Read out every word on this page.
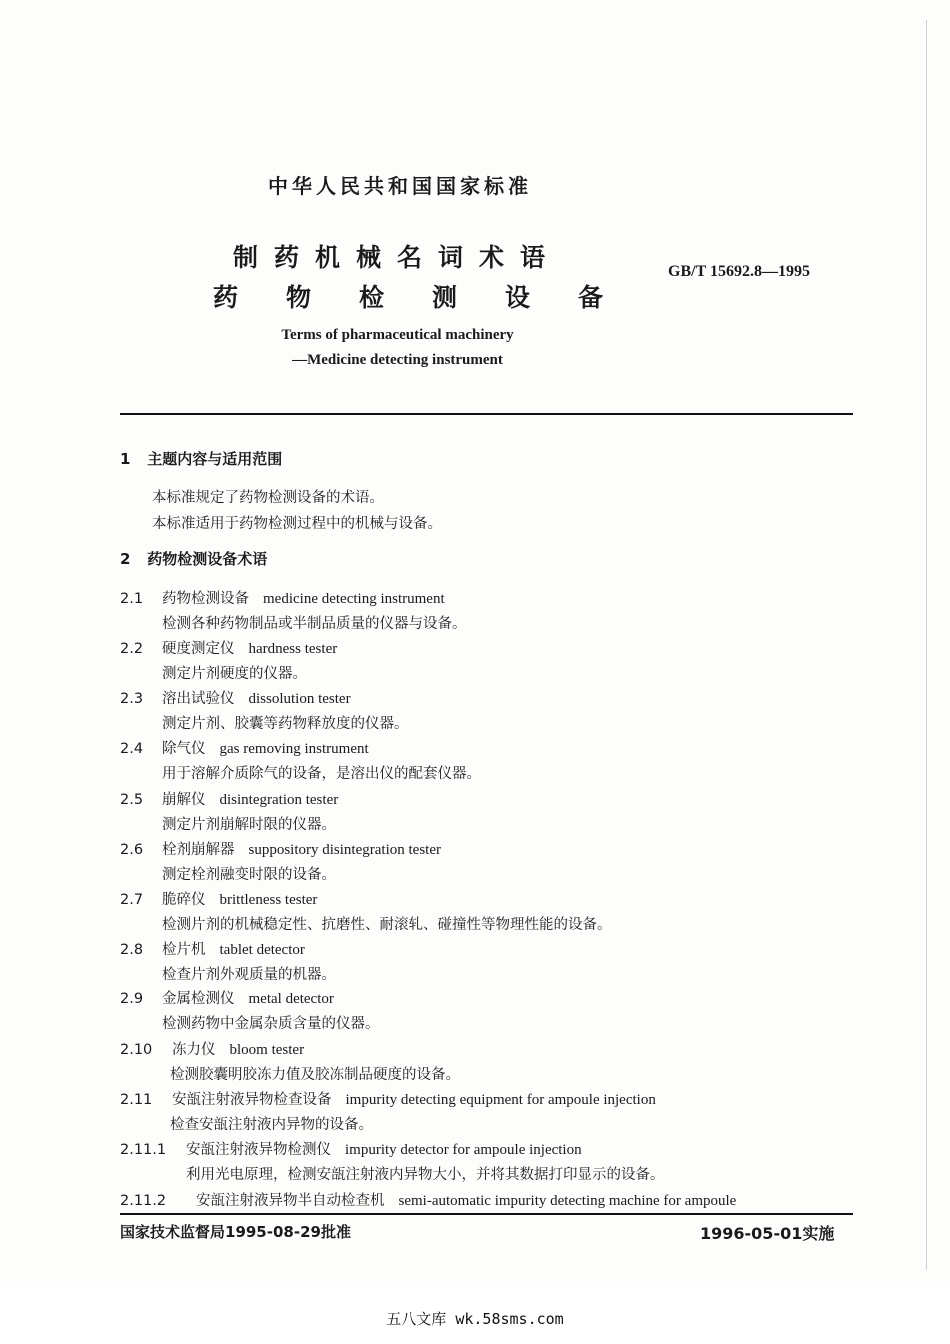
中华人民共和国国家标准
制药机械名词术语
药物检测设备
GB/T 15692.8—1995
Terms of pharmaceutical machinery
—Medicine detecting instrument
1 主题内容与适用范围
本标准规定了药物检测设备的术语。
本标准适用于药物检测过程中的机械与设备。
2 药物检测设备术语
2.1 药物检测设备 medicine detecting instrument
检测各种药物制品或半制品质量的仪器与设备。
2.2 硬度测定仪 hardness tester
测定片剂硬度的仪器。
2.3 溶出试验仪 dissolution tester
测定片剂、胶囊等药物释放度的仪器。
2.4 除气仪 gas removing instrument
用于溶解介质除气的设备，是溶出仪的配套仪器。
2.5 崩解仪 disintegration tester
测定片剂崩解时限的仪器。
2.6 栓剂崩解器 suppository disintegration tester
测定栓剂融变时限的设备。
2.7 脆碎仪 brittleness tester
检测片剂的机械稳定性、抗磨性、耐滚轧、碰撞性等物理性能的设备。
2.8 检片机 tablet detector
检查片剂外观质量的机器。
2.9 金属检测仪 metal detector
检测药物中金属杂质含量的仪器。
2.10 冻力仪 bloom tester
检测胶囊明胶冻力值及胶冻制品硬度的设备。
2.11 安瓿注射液异物检查设备 impurity detecting equipment for ampoule injection
检查安瓿注射液内异物的设备。
2.11.1 安瓿注射液异物检测仪 impurity detector for ampoule injection
利用光电原理，检测安瓿注射液内异物大小，并将其数据打印显示的设备。
2.11.2 安瓿注射液异物半自动检查机 semi-automatic impurity detecting machine for ampoule
国家技术监督局1995-08-29批准	1996-05-01实施
五八文库 wk.58sms.com
